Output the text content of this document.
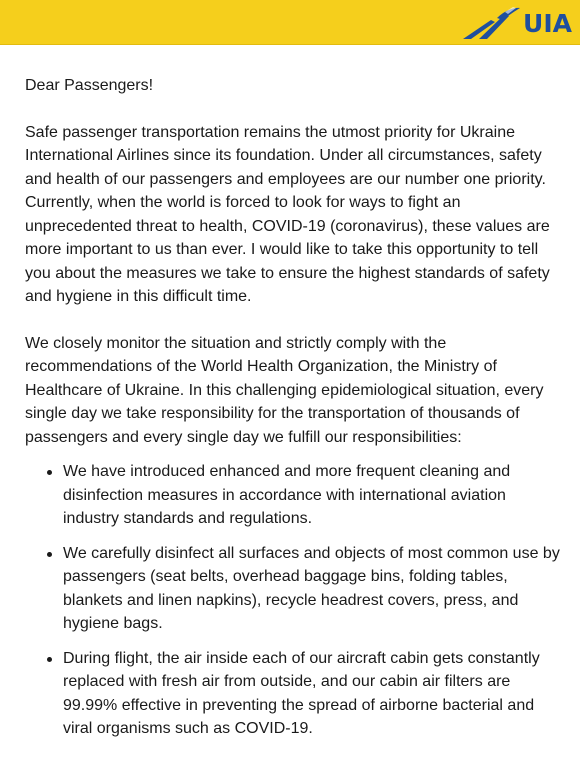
UIA

Dear Passengers!

Safe passenger transportation remains the utmost priority for Ukraine International Airlines since its foundation. Under all circumstances, safety and health of our passengers and employees are our number one priority. Currently, when the world is forced to look for ways to fight an unprecedented threat to health, COVID-19 (coronavirus), these values are more important to us than ever. I would like to take this opportunity to tell you about the measures we take to ensure the highest standards of safety and hygiene in this difficult time.

We closely monitor the situation and strictly comply with the recommendations of the World Health Organization, the Ministry of Healthcare of Ukraine. In this challenging epidemiological situation, every single day we take responsibility for the transportation of thousands of passengers and every single day we fulfill our responsibilities:

We have introduced enhanced and more frequent cleaning and disinfection measures in accordance with international aviation industry standards and regulations.
We carefully disinfect all surfaces and objects of most common use by passengers (seat belts, overhead baggage bins, folding tables, blankets and linen napkins), recycle headrest covers, press, and hygiene bags.
During flight, the air inside each of our aircraft cabin gets constantly replaced with fresh air from outside, and our cabin air filters are 99.99% effective in preventing the spread of airborne bacterial and viral organisms such as COVID-19.
